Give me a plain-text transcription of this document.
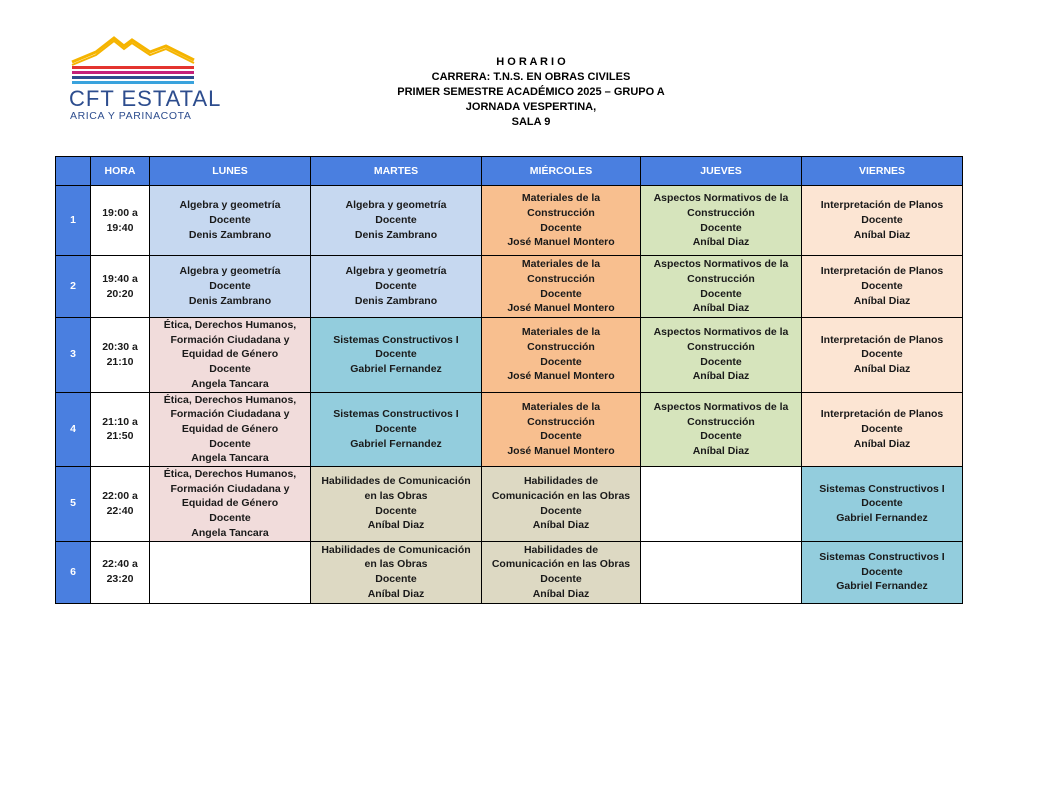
CFT ESTATAL
ARICA Y PARINACOTA
H O R A R I O
CARRERA: T.N.S. EN OBRAS CIVILES
PRIMER SEMESTRE ACADÉMICO 2025 – GRUPO A
JORNADA VESPERTINA,
SALA 9
	HORA	LUNES	MARTES	MIÉRCOLES	JUEVES	VIERNES
1	19:00 a
19:40	Algebra y geometría
Docente
Denis Zambrano	Algebra y geometría
Docente
Denis Zambrano	Materiales de la
Construcción
Docente
José Manuel Montero	Aspectos Normativos de la
Construcción
Docente
Aníbal Diaz	Interpretación de Planos
Docente
Aníbal Diaz

2	19:40 a
20:20	Algebra y geometría
Docente
Denis Zambrano	Algebra y geometría
Docente
Denis Zambrano	Materiales de la
Construcción
Docente
José Manuel Montero	Aspectos Normativos de la
Construcción
Docente
Aníbal Diaz	Interpretación de Planos
Docente
Aníbal Diaz

3	20:30 a
21:10	Ética, Derechos Humanos,
Formación Ciudadana y
Equidad de Género
Docente
Angela Tancara	Sistemas Constructivos I
Docente
Gabriel Fernandez	Materiales de la
Construcción
Docente
José Manuel Montero	Aspectos Normativos de la
Construcción
Docente
Aníbal Diaz	Interpretación de Planos
Docente
Aníbal Diaz

4	21:10 a
21:50	Ética, Derechos Humanos,
Formación Ciudadana y
Equidad de Género
Docente
Angela Tancara	Sistemas Constructivos I
Docente
Gabriel Fernandez	Materiales de la
Construcción
Docente
José Manuel Montero	Aspectos Normativos de la
Construcción
Docente
Aníbal Diaz	Interpretación de Planos
Docente
Aníbal Diaz

5	22:00 a
22:40	Ética, Derechos Humanos,
Formación Ciudadana y
Equidad de Género
Docente
Angela Tancara	Habilidades de Comunicación
en las Obras
Docente
Aníbal Diaz	Habilidades de
Comunicación en las Obras
Docente
Aníbal Diaz		Sistemas Constructivos I
Docente
Gabriel Fernandez

6	22:40 a
23:20		Habilidades de Comunicación
en las Obras
Docente
Aníbal Diaz	Habilidades de
Comunicación en las Obras
Docente
Aníbal Diaz		Sistemas Constructivos I
Docente
Gabriel Fernandez
